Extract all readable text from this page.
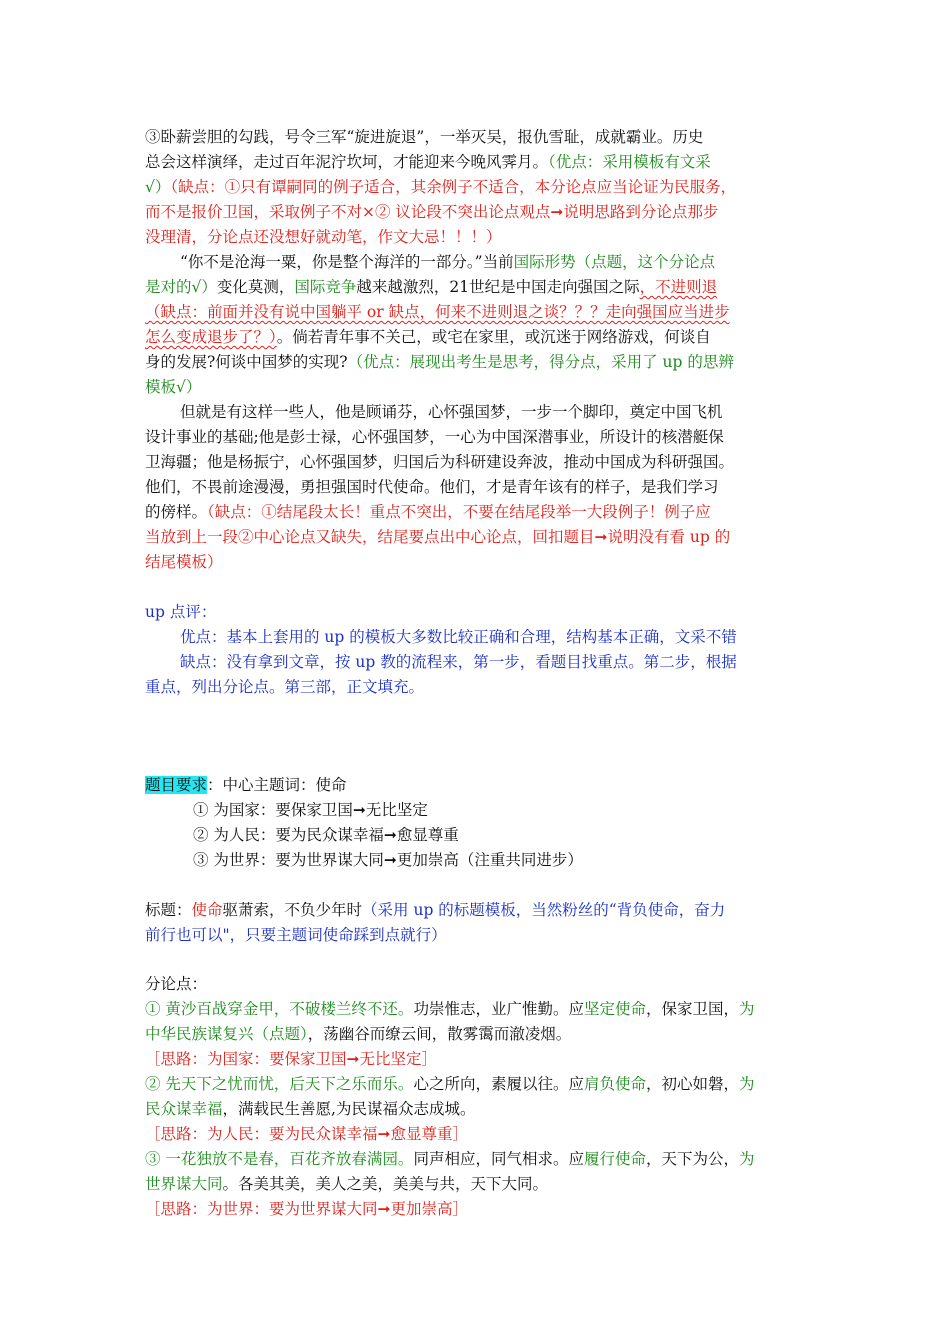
③卧薪尝胆的勾践，号令三军“旋进旋退”，一举灭吴，报仇雪耻，成就霸业。历史
总会这样演绎，走过百年泥泞坎坷，才能迎来今晚风霁月。（优点：采用模板有文采
√）（缺点：①只有谭嗣同的例子适合，其余例子不适合，本分论点应当论证为民服务，
而不是报价卫国，采取例子不对×② 议论段不突出论点观点➞说明思路到分论点那步
没理清，分论点还没想好就动笔，作文大忌！！！）
“你不是沧海一粟，你是整个海洋的一部分。”当前国际形势（点题，这个分论点
是对的√）变化莫测，国际竞争越来越激烈，21世纪是中国走向强国之际，不进则退
（缺点：前面并没有说中国躺平 or 缺点，何来不进则退之谈？？？走向强国应当进步
怎么变成退步了？）。倘若青年事不关己，或宅在家里，或沉迷于网络游戏，何谈自
身的发展?何谈中国梦的实现?（优点：展现出考生是思考，得分点，采用了 up 的思辨
模板√）
但就是有这样一些人，他是顾诵芬，心怀强国梦，一步一个脚印，奠定中国飞机
设计事业的基础;他是彭士禄，心怀强国梦，一心为中国深潜事业，所设计的核潜艇保
卫海疆；他是杨振宁，心怀强国梦，归国后为科研建设奔波，推动中国成为科研强国。
他们，不畏前途漫漫，勇担强国时代使命。他们，才是青年该有的样子，是我们学习
的傍样。（缺点：①结尾段太长！重点不突出，不要在结尾段举一大段例子！例子应
当放到上一段②中心论点又缺失，结尾要点出中心论点，回扣题目➞说明没有看 up 的
结尾模板）
up 点评：
优点：基本上套用的 up 的模板大多数比较正确和合理，结构基本正确，文采不错
缺点：没有拿到文章，按 up 教的流程来，第一步，看题目找重点。第二步，根据
重点，列出分论点。第三部，正文填充。
题目要求：中心主题词：使命
① 为国家：要保家卫国➞无比坚定
② 为人民：要为民众谋幸福➞愈显尊重
③ 为世界：要为世界谋大同➞更加崇高（注重共同进步）
标题：使命驱萧索，不负少年时（采用 up 的标题模板，当然粉丝的“背负使命，奋力
前行也可以"，只要主题词使命踩到点就行）
分论点：
① 黄沙百战穿金甲，不破楼兰终不还。功崇惟志，业广惟勤。应坚定使命，保家卫国，为
中华民族谋复兴（点题），荡幽谷而缭云间，散雾霭而澈凌烟。
［思路：为国家：要保家卫国➞无比坚定］
② 先天下之忧而忧，后天下之乐而乐。心之所向，素履以往。应肩负使命，初心如磐，为
民众谋幸福，满载民生善愿,为民谋福众志成城。
［思路：为人民：要为民众谋幸福➞愈显尊重］
③ 一花独放不是春，百花齐放春满园。同声相应，同气相求。应履行使命，天下为公，为
世界谋大同。各美其美，美人之美，美美与共，天下大同。
［思路：为世界：要为世界谋大同➞更加崇高］
